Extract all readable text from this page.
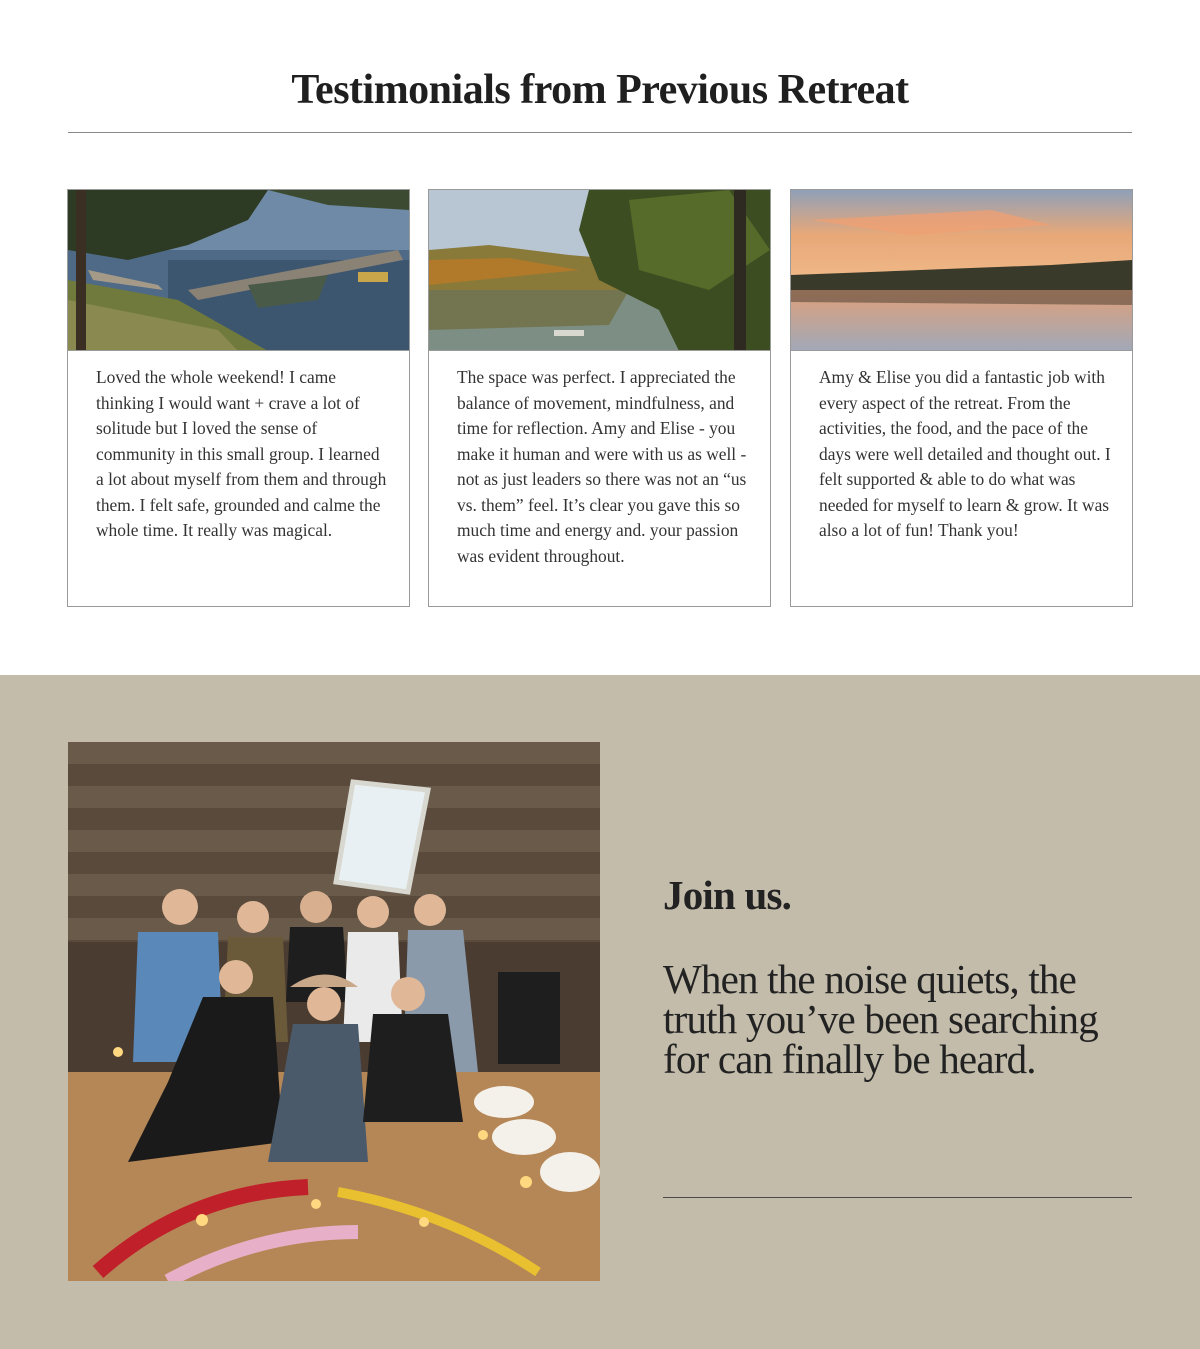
Testimonials from Previous Retreat

Loved the whole weekend! I came thinking I would want + crave a lot of solitude but I loved the sense of community in this small group. I learned a lot about myself from them and through them. I felt safe, grounded and calme the whole time. It really was magical.

The space was perfect. I appreciated the balance of movement, mindfulness, and time for reflection. Amy and Elise - you make it human and were with us as well - not as just leaders so there was not an “us vs. them” feel. It’s clear you gave this so much time and energy and. your passion was evident throughout.

Amy & Elise you did a fantastic job with every aspect of the retreat. From the activities, the food, and the pace of the days were well detailed and thought out. I felt supported & able to do what was needed for myself to learn & grow. It was also a lot of fun! Thank you!

Join us.

When the noise quiets, the truth you’ve been searching for can finally be heard.
